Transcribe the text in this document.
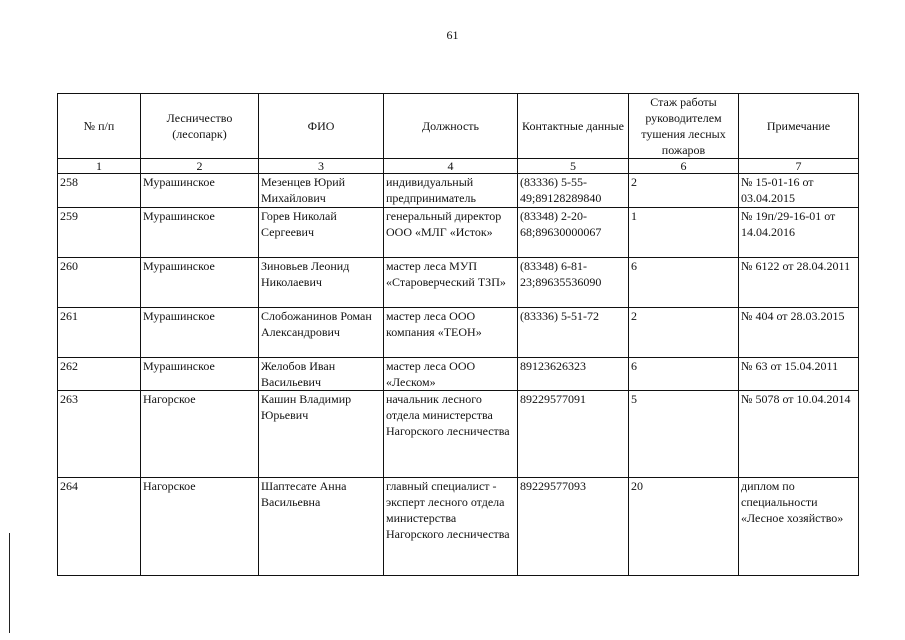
61
№ п/п	Лесничество (лесопарк)	ФИО	Должность	Контактные данные	Стаж работы руководителем тушения лесных пожаров	Примечание
1	2	3	4	5	6	7
258	Мурашинское	Мезенцев Юрий Михайлович	индивидуальный предприниматель	(83336) 5-55-49;89128289840	2	№ 15-01-16 от 03.04.2015
259	Мурашинское	Горев Николай Сергеевич	генеральный директор ООО «МЛГ «Исток»	(83348) 2-20-68;89630000067	1	№ 19п/29-16-01 от 14.04.2016
260	Мурашинское	Зиновьев Леонид Николаевич	мастер леса МУП «Староверческий ТЗП»	(83348) 6-81-23;89635536090	6	№ 6122 от 28.04.2011
261	Мурашинское	Слобожанинов Роман Александрович	мастер леса ООО компания «ТЕОН»	(83336) 5-51-72	2	№ 404 от 28.03.2015
262	Мурашинское	Желобов Иван Васильевич	мастер леса ООО «Леском»	89123626323	6	№ 63 от 15.04.2011
263	Нагорское	Кашин Владимир Юрьевич	начальник лесного отдела министерства Нагорского лесничества	89229577091	5	№ 5078 от 10.04.2014
264	Нагорское	Шаптесате Анна Васильевна	главный специалист - эксперт лесного отдела министерства Нагорского лесничества	89229577093	20	диплом по специальности «Лесное хозяйство»
